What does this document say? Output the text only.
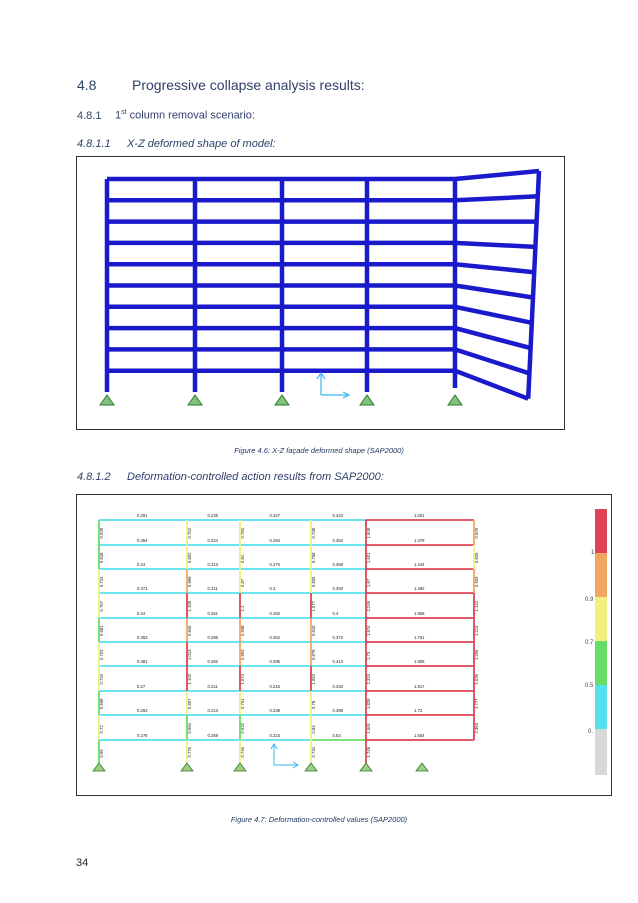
4.8	Progressive collapse analysis results:
4.8.1 1st column removal scenario:
4.8.1.1 X-Z deformed shape of model:
Figure 4.6: X-Z façade deformed shape (SAP2000)
4.8.1.2 Deformation-controlled action results from SAP2000:
0.291	0.235	0.227	0.443	1.001
0.354	0.324	0.294	0.352	1.478
0.24	0.313	0.276	0.368	1.444
0.371	0.311	0.3	0.393	1.482
0.24	0.251	0.282	0.4	1.658
0.353	0.296	0.252	0.372	1.751
0.381	0.282	0.295	0.413	1.806
0.27	0.211	0.215	0.433	1.817
0.263	0.213	0.238	0.396	1.72
0.276	0.259	0.223	0.53	1.554
0.528	0.762	0.784	0.738	1.508	0.929
0.618	0.802	0.81	0.768	1.601	0.826
0.724	0.969	0.87	0.835	1.87	0.933
0.767	1.108	1.1	1.077	2.249	1.144
0.681	0.946	0.938	0.918	1.974	1.214
0.703	1.013	0.993	0.979	1.73	1.256
0.734	1.102	1.074	1.052	2.324	1.635
0.668	0.807	0.761	0.78	1.829	1.777
0.72	0.664	0.632	0.84	1.661	2.363
0.65	0.776	0.746	0.734	1.749
1.
0.9
0.7
0.5
0.
Figure 4.7: Deformation-controlled values (SAP2000)
34
